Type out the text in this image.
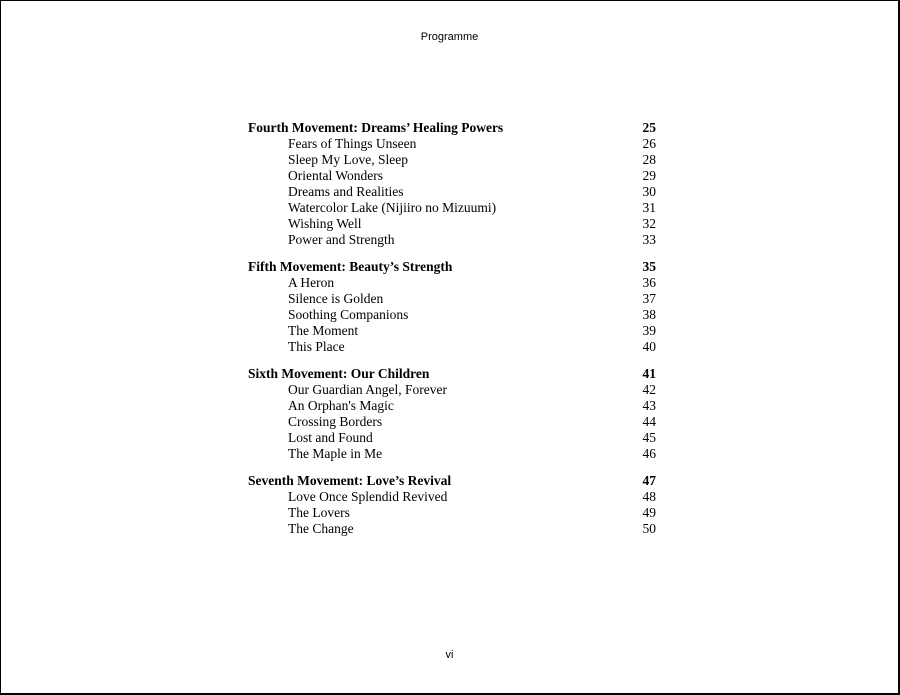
Programme
Fourth Movement: Dreams’ Healing Powers	25
Fears of Things Unseen	26
Sleep My Love, Sleep	28
Oriental Wonders	29
Dreams and Realities	30
Watercolor Lake (Nijiiro no Mizuumi)	31
Wishing Well	32
Power and Strength	33
Fifth Movement: Beauty’s Strength	35
A Heron	36
Silence is Golden	37
Soothing Companions	38
The Moment	39
This Place	40
Sixth Movement: Our Children	41
Our Guardian Angel, Forever	42
An Orphan's Magic	43
Crossing Borders	44
Lost and Found	45
The Maple in Me	46
Seventh Movement: Love’s Revival	47
Love Once Splendid Revived	48
The Lovers	49
The Change	50
vi
